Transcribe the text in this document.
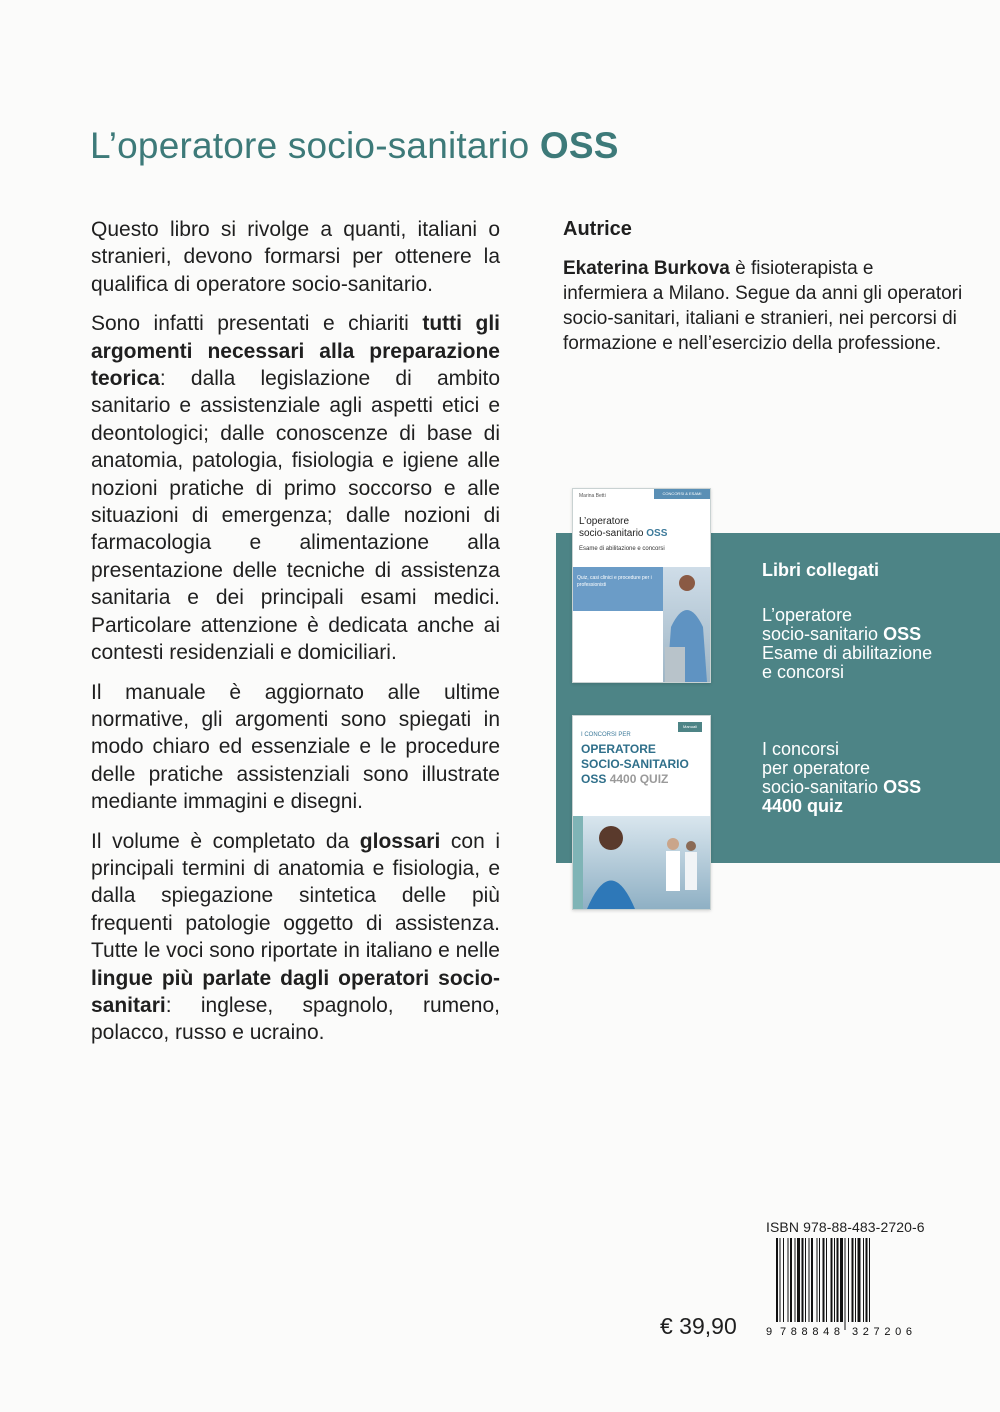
L’operatore socio-sanitario OSS

Questo libro si rivolge a quanti, italiani o stranieri, devono formarsi per ottenere la qualifica di operatore socio-sanitario.

Sono infatti presentati e chiariti tutti gli argomenti necessari alla preparazione teorica: dalla legislazione di ambito sanitario e assistenziale agli aspetti etici e deontologici; dalle conoscenze di base di anatomia, patologia, fisiologia e igiene alle nozioni pratiche di primo soccorso e alle situazioni di emergenza; dalle nozioni di farmacologia e alimentazione alla presentazione delle tecniche di assistenza sanitaria e dei principali esami medici. Particolare attenzione è dedicata anche ai contesti residenziali e domiciliari.

Il manuale è aggiornato alle ultime normative, gli argomenti sono spiegati in modo chiaro ed essenziale e le procedure delle pratiche assistenziali sono illustrate mediante immagini e disegni.

Il volume è completato da glossari con i principali termini di anatomia e fisiologia, e dalla spiegazione sintetica delle più frequenti patologie oggetto di assistenza. Tutte le voci sono riportate in italiano e nelle lingue più parlate dagli operatori socio-sanitari: inglese, spagnolo, rumeno, polacco, russo e ucraino.

Autrice
Ekaterina Burkova è fisioterapista e infermiera a Milano. Segue da anni gli operatori socio-sanitari, italiani e stranieri, nei percorsi di formazione e nell’esercizio della professione.
Marina Betti	CONCORSI & ESAMI
L’operatore
socio-sanitario OSS
Esame di abilitazione e concorsi
Quiz, casi clinici e procedure per i professionisti
Manuali
I CONCORSI PER
OPERATORE
SOCIO-SANITARIO
OSS 4400 QUIZ
Libri collegati
L’operatore
socio-sanitario OSS
Esame di abilitazione
e concorsi
I concorsi
per operatore
socio-sanitario OSS
4400 quiz
ISBN 978-88-483-2720-6
9 788848 327206
€ 39,90
